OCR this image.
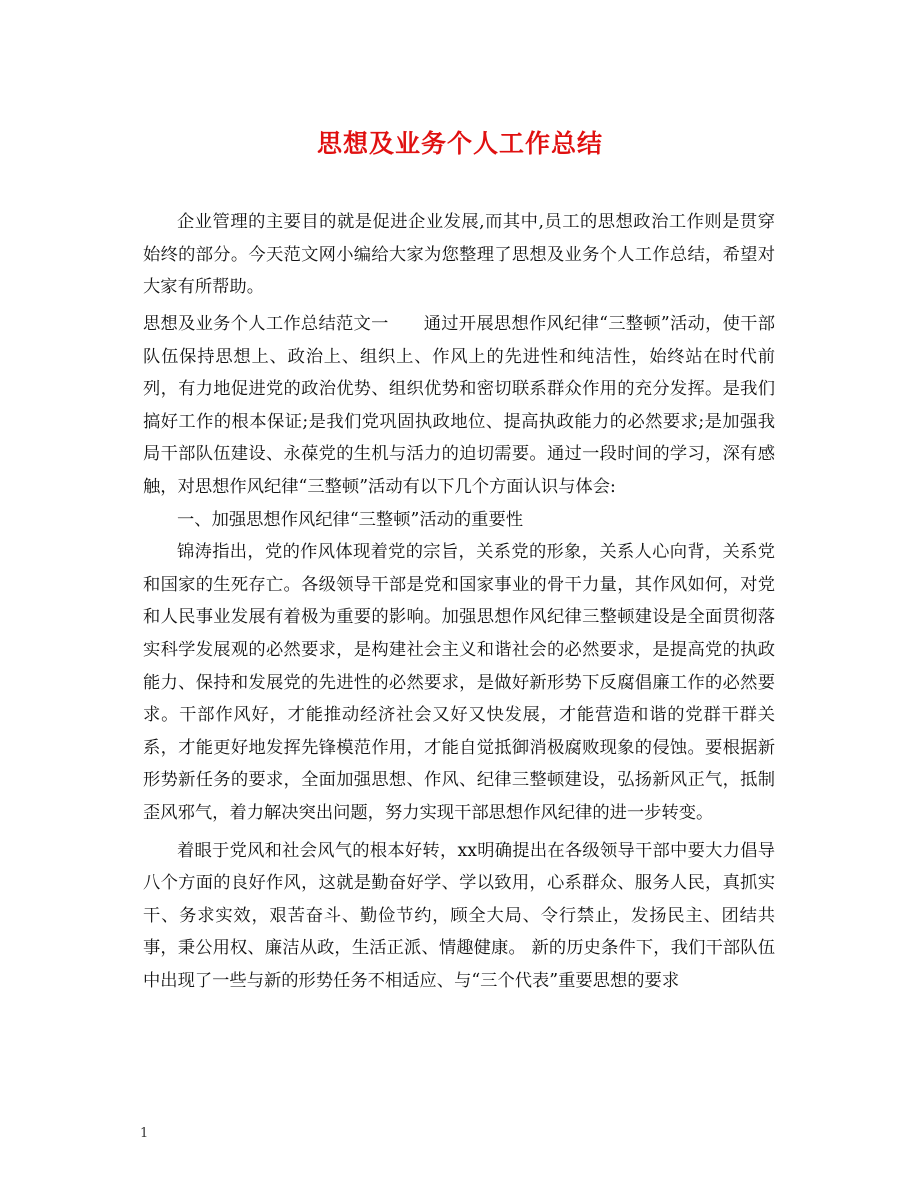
思想及业务个人工作总结

企业管理的主要目的就是促进企业发展,而其中,员工的思想政治工作则是贯穿始终的部分。今天范文网小编给大家为您整理了思想及业务个人工作总结，希望对大家有所帮助。

思想及业务个人工作总结范文一　　通过开展思想作风纪律“三整顿”活动，使干部队伍保持思想上、政治上、组织上、作风上的先进性和纯洁性，始终站在时代前列，有力地促进党的政治优势、组织优势和密切联系群众作用的充分发挥。是我们搞好工作的根本保证;是我们党巩固执政地位、提高执政能力的必然要求;是加强我局干部队伍建设、永葆党的生机与活力的迫切需要。通过一段时间的学习，深有感触，对思想作风纪律“三整顿”活动有以下几个方面认识与体会:

一、加强思想作风纪律“三整顿”活动的重要性

锦涛指出，党的作风体现着党的宗旨，关系党的形象，关系人心向背，关系党和国家的生死存亡。各级领导干部是党和国家事业的骨干力量，其作风如何，对党和人民事业发展有着极为重要的影响。加强思想作风纪律三整顿建设是全面贯彻落实科学发展观的必然要求，是构建社会主义和谐社会的必然要求，是提高党的执政能力、保持和发展党的先进性的必然要求，是做好新形势下反腐倡廉工作的必然要求。干部作风好，才能推动经济社会又好又快发展，才能营造和谐的党群干群关系，才能更好地发挥先锋模范作用，才能自觉抵御消极腐败现象的侵蚀。要根据新形势新任务的要求，全面加强思想、作风、纪律三整顿建设，弘扬新风正气，抵制歪风邪气，着力解决突出问题，努力实现干部思想作风纪律的进一步转变。

着眼于党风和社会风气的根本好转，xx明确提出在各级领导干部中要大力倡导八个方面的良好作风，这就是勤奋好学、学以致用，心系群众、服务人民，真抓实干、务求实效，艰苦奋斗、勤俭节约，顾全大局、令行禁止，发扬民主、团结共事，秉公用权、廉洁从政，生活正派、情趣健康。 新的历史条件下，我们干部队伍中出现了一些与新的形势任务不相适应、与“三个代表”重要思想的要求

1
